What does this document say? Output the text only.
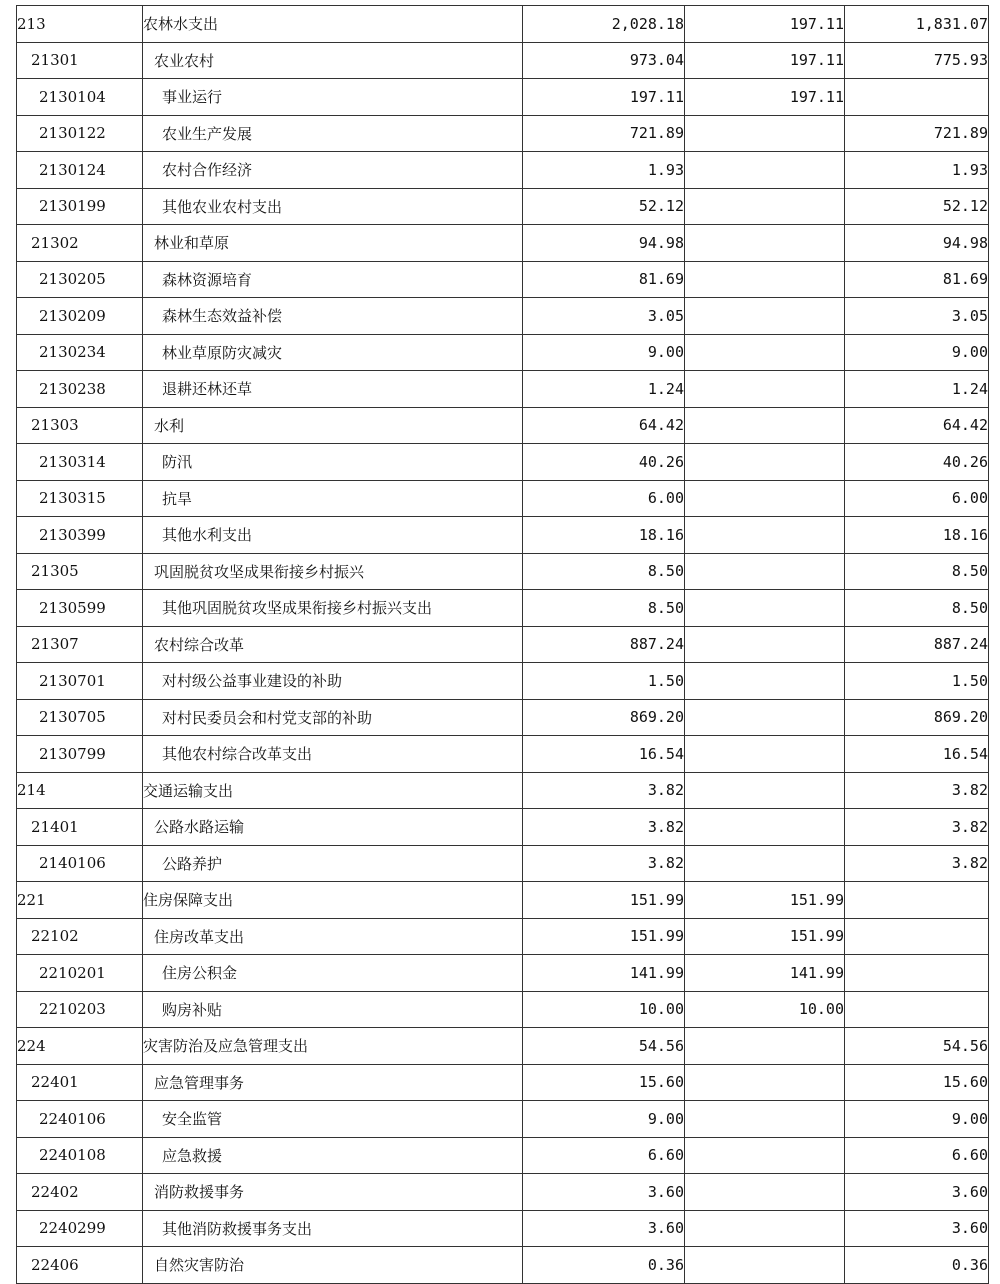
213	农林水支出	2,028.18	197.11	1,831.07
21301	农业农村	973.04	197.11	775.93
2130104	事业运行	197.11	197.11	
2130122	农业生产发展	721.89		721.89
2130124	农村合作经济	1.93		1.93
2130199	其他农业农村支出	52.12		52.12
21302	林业和草原	94.98		94.98
2130205	森林资源培育	81.69		81.69
2130209	森林生态效益补偿	3.05		3.05
2130234	林业草原防灾减灾	9.00		9.00
2130238	退耕还林还草	1.24		1.24
21303	水利	64.42		64.42
2130314	防汛	40.26		40.26
2130315	抗旱	6.00		6.00
2130399	其他水利支出	18.16		18.16
21305	巩固脱贫攻坚成果衔接乡村振兴	8.50		8.50
2130599	其他巩固脱贫攻坚成果衔接乡村振兴支出	8.50		8.50
21307	农村综合改革	887.24		887.24
2130701	对村级公益事业建设的补助	1.50		1.50
2130705	对村民委员会和村党支部的补助	869.20		869.20
2130799	其他农村综合改革支出	16.54		16.54
214	交通运输支出	3.82		3.82
21401	公路水路运输	3.82		3.82
2140106	公路养护	3.82		3.82
221	住房保障支出	151.99	151.99	
22102	住房改革支出	151.99	151.99	
2210201	住房公积金	141.99	141.99	
2210203	购房补贴	10.00	10.00	
224	灾害防治及应急管理支出	54.56		54.56
22401	应急管理事务	15.60		15.60
2240106	安全监管	9.00		9.00
2240108	应急救援	6.60		6.60
22402	消防救援事务	3.60		3.60
2240299	其他消防救援事务支出	3.60		3.60
22406	自然灾害防治	0.36		0.36
